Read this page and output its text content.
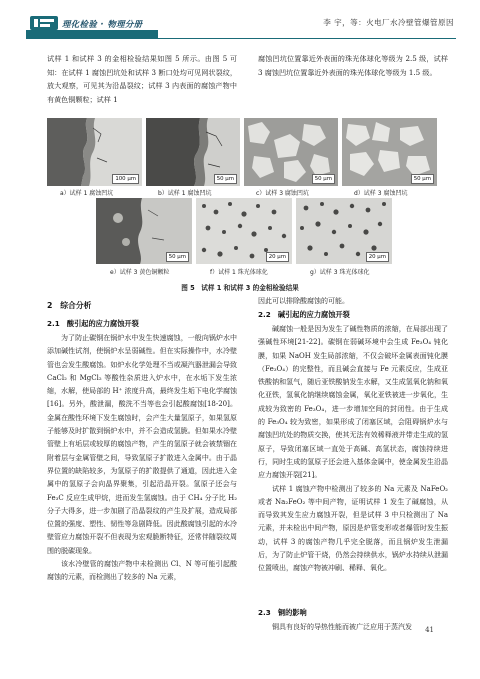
理化检验 · 物理分册	李 宇，等：火电厂水冷壁管爆管原因

试样 1 和试样 3 的金相检验结果如图 5 所示。由图 5 可知：在试样 1 腐蚀凹坑处和试样 3 断口处均可见网状裂纹，放大观察，可见其为沿晶裂纹；试样 3 内表面的腐蚀产物中有黄色铜颗粒；试样 1

腐蚀凹坑位置靠近外表面的珠光体球化等级为 2.5 级，试样 3 腐蚀凹坑位置靠近外表面的珠光体球化等级为 1.5 级。

100 μm	50 μm	50 μm	50 μm
a）试样 1 腐蚀凹坑	b）试样 1 腐蚀凹坑	c）试样 3 腐蚀凹坑	d）试样 3 腐蚀凹坑
50 μm	20 μm	20 μm
e）试样 3 黄色铜颗粒	f）试样 1 珠光体球化	g）试样 3 珠光体球化
图 5　试样 1 和试样 3 的金相检验结果
2　综合分析
2.1　酸引起的应力腐蚀开裂

为了防止碳钢在锅炉水中发生快速腐蚀，一般向锅炉水中添加碱性试剂，使锅炉水呈弱碱性。但在实际操作中，水冷壁管也会发生酸腐蚀。如炉水化学处理不当或凝汽器泄漏会导致 CaCl₂ 和 MgCl₂ 等酸性杂质进入炉水中，在水垢下发生浓缩，水解，使局部的 H⁺ 浓度升高，最终发生垢下电化学腐蚀[16]。另外，酸泄漏，酸洗不当等也会引起酸腐蚀[18-20]。金属在酸性环境下发生腐蚀时，会产生大量氢原子，如果氢原子能够及时扩散到锅炉水中，并不会造成氢脆。但如果水冷壁管壁上有垢层或较厚的腐蚀产物，产生的氢原子就会被禁锢在附着层与金属管壁之间，导致氢原子扩散进入金属中。由于晶界位置的缺陷较多，为氢原子的扩散提供了通道，因此进入金属中的氢原子会向晶界聚集，引起沿晶开裂。氢原子还会与 Fe₃C 反应生成甲烷，进而发生氢腐蚀。由于 CH₄ 分子比 H₂ 分子大得多，进一步加剧了沿晶裂纹的产生及扩展，造成局部位置的强度、塑性、韧性等急剧降低。因此酸腐蚀引起的水冷壁管应力腐蚀开裂不但表现为宏观脆断特征，还常伴随裂纹周围的脱碳现象。

该水冷壁管的腐蚀产物中未检测出 Cl、N 等可能引起酸腐蚀的元素，而检测出了较多的 Na 元素，

因此可以排除酸腐蚀的可能。

2.2　碱引起的应力腐蚀开裂

碱腐蚀一般是因为发生了碱性物质的浓缩，在局部出现了强碱性环境[21-22]。碳钢在弱碱环境中会生成 Fe₃O₄ 钝化膜，如果 NaOH 发生局部浓缩，不仅会破坏金属表面钝化膜（Fe₃O₄）的完整性，而且碱会直接与 Fe 元素反应，生成亚铁酸钠和氢气，随后亚铁酸钠发生水解，又生成氢氧化钠和氧化亚铁，氢氧化钠继续腐蚀金属，氧化亚铁被进一步氧化，生成较为致密的 Fe₃O₄，进一步增加空间的封闭性。由于生成的 Fe₃O₄ 较为致密，如果形成了闭塞区域，会阻碍锅炉水与腐蚀凹坑处的物质交换，使其无法有效稀释液并带走生成的氢原子，导致闭塞区域一直处于高碱、高氢状态，腐蚀持续进行，同时生成的氢原子还会进入基体金属中，使金属发生沿晶应力腐蚀开裂[21]。

试样 1 腐蚀产物中检测出了较多的 Na 元素及 NaFeO₂ 或者 Na₂FeO₂ 等中间产物，证明试样 1 发生了碱腐蚀，从而导致其发生应力腐蚀开裂，但是试样 3 中只检测出了 Na 元素，并未检出中间产物，原因是炉管变形或者爆管时发生振动，试样 3 的腐蚀产物几乎完全脱落，而且锅炉发生泄漏后，为了防止炉管干烧，仍然会持续供水，锅炉水持续从泄漏位置喷出，腐蚀产物被冲刷、稀释、氧化。

2.3　铜的影响

铜具有良好的导热性能而被广泛应用于蒸汽发	41
